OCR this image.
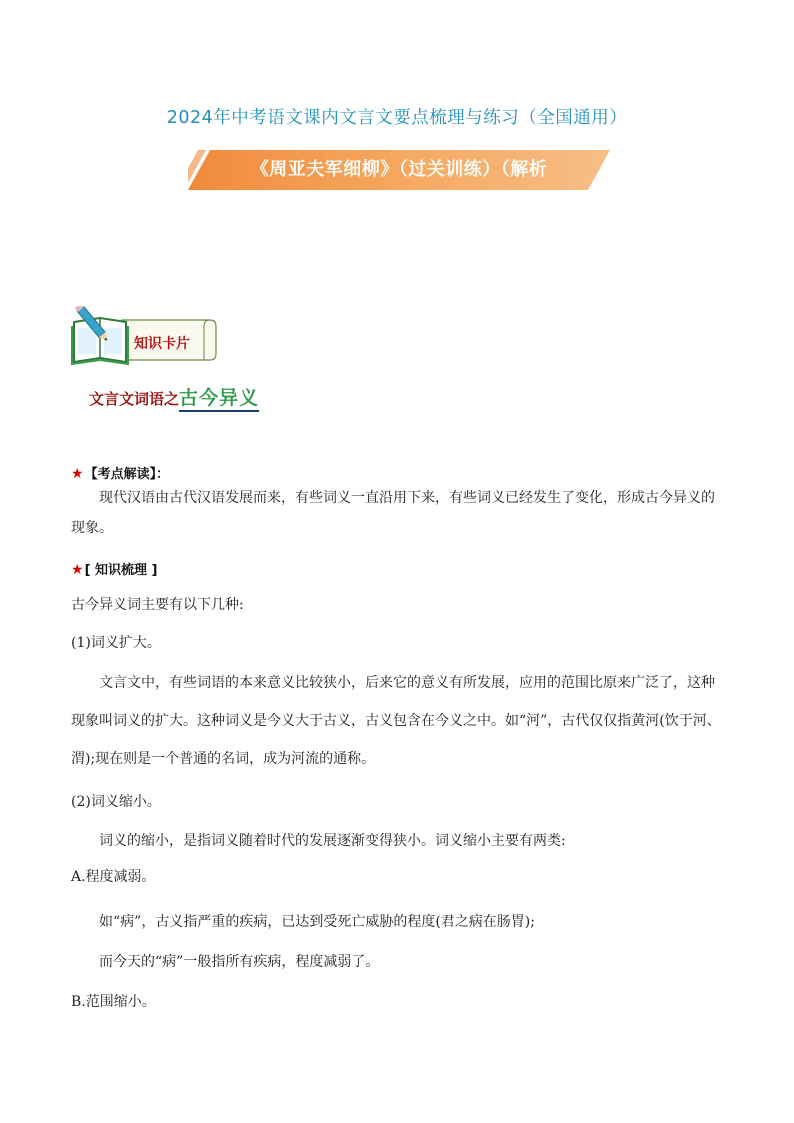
2024年中考语文课内文言文要点梳理与练习（全国通用）
《周亚夫军细柳》（过关训练）（解析
知识卡片
文言文词语之古今异义
★【考点解读】：
现代汉语由古代汉语发展而来，有些词义一直沿用下来，有些词义已经发生了变化，形成古今异义的现象。
★[ 知识梳理 ]
古今异义词主要有以下几种:
(1)词义扩大。
文言文中，有些词语的本来意义比较狭小，后来它的意义有所发展，应用的范围比原来广泛了，这种现象叫词义的扩大。这种词义是今义大于古义，古义包含在今义之中。如“河”，古代仅仅指黄河(饮于河、渭);现在则是一个普通的名词，成为河流的通称。
(2)词义缩小。
词义的缩小，是指词义随着时代的发展逐渐变得狭小。词义缩小主要有两类:
A.程度减弱。
如“病”，古义指严重的疾病，已达到受死亡威胁的程度(君之病在肠胃);
而今天的“病”一般指所有疾病，程度减弱了。
B.范围缩小。
